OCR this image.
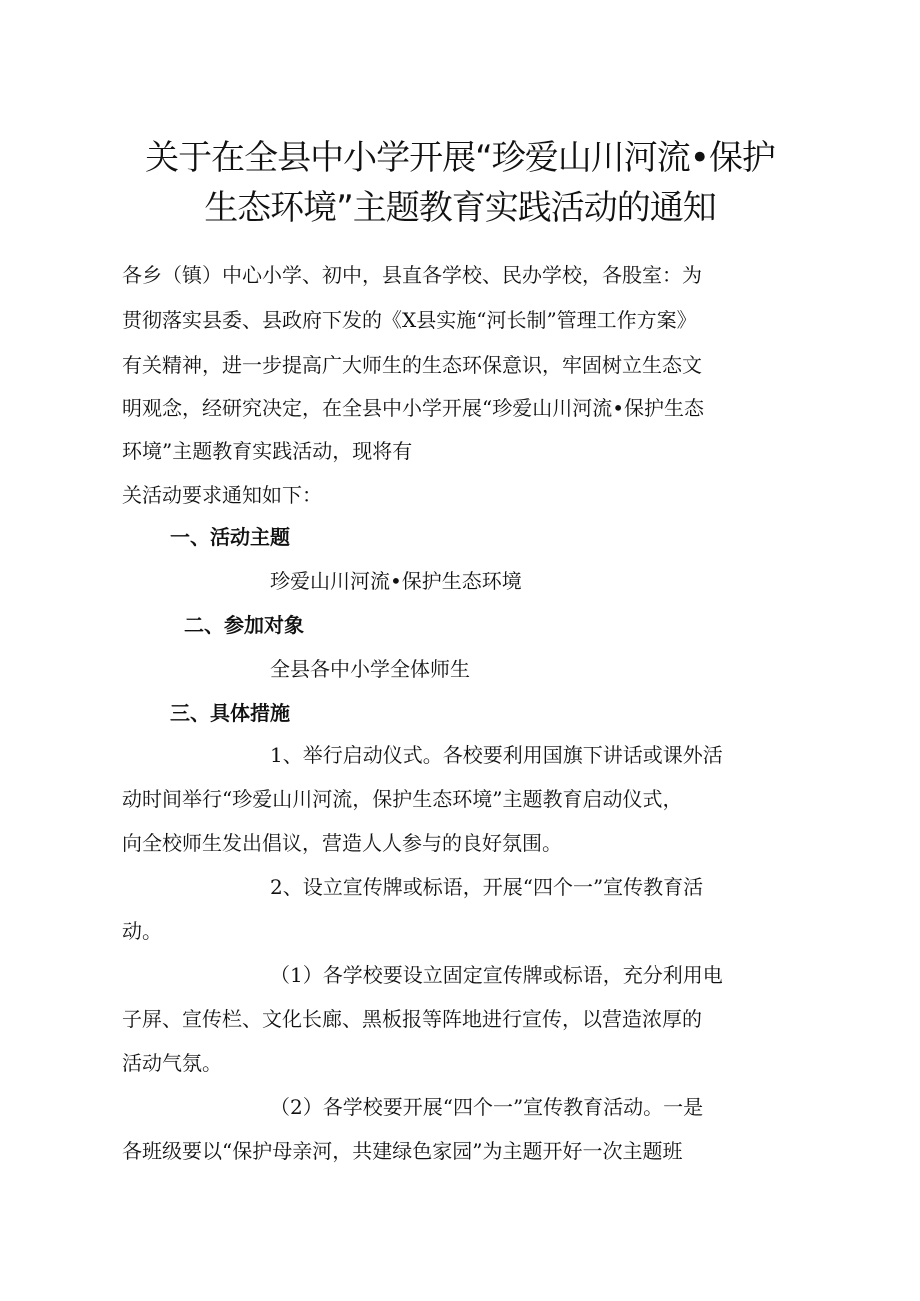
关于在全县中小学开展“珍爱山川河流•保护
生态环境”主题教育实践活动的通知
各乡（镇）中心小学、初中，县直各学校、民办学校，各股室：为
贯彻落实县委、县政府下发的《X县实施“河长制”管理工作方案》
有关精神，进一步提高广大师生的生态环保意识，牢固树立生态文
明观念，经研究决定，在全县中小学开展“珍爱山川河流•保护生态
环境”主题教育实践活动，现将有
关活动要求通知如下：
一、活动主题
珍爱山川河流•保护生态环境
二、参加对象
全县各中小学全体师生
三、具体措施
1、举行启动仪式。各校要利用国旗下讲话或课外活
动时间举行“珍爱山川河流，保护生态环境”主题教育启动仪式，
向全校师生发出倡议，营造人人参与的良好氛围。
2、设立宣传牌或标语，开展“四个一”宣传教育活
动。
（1）各学校要设立固定宣传牌或标语，充分利用电
子屏、宣传栏、文化长廊、黑板报等阵地进行宣传，以营造浓厚的
活动气氛。
（2）各学校要开展“四个一”宣传教育活动。一是
各班级要以“保护母亲河，共建绿色家园”为主题开好一次主题班
